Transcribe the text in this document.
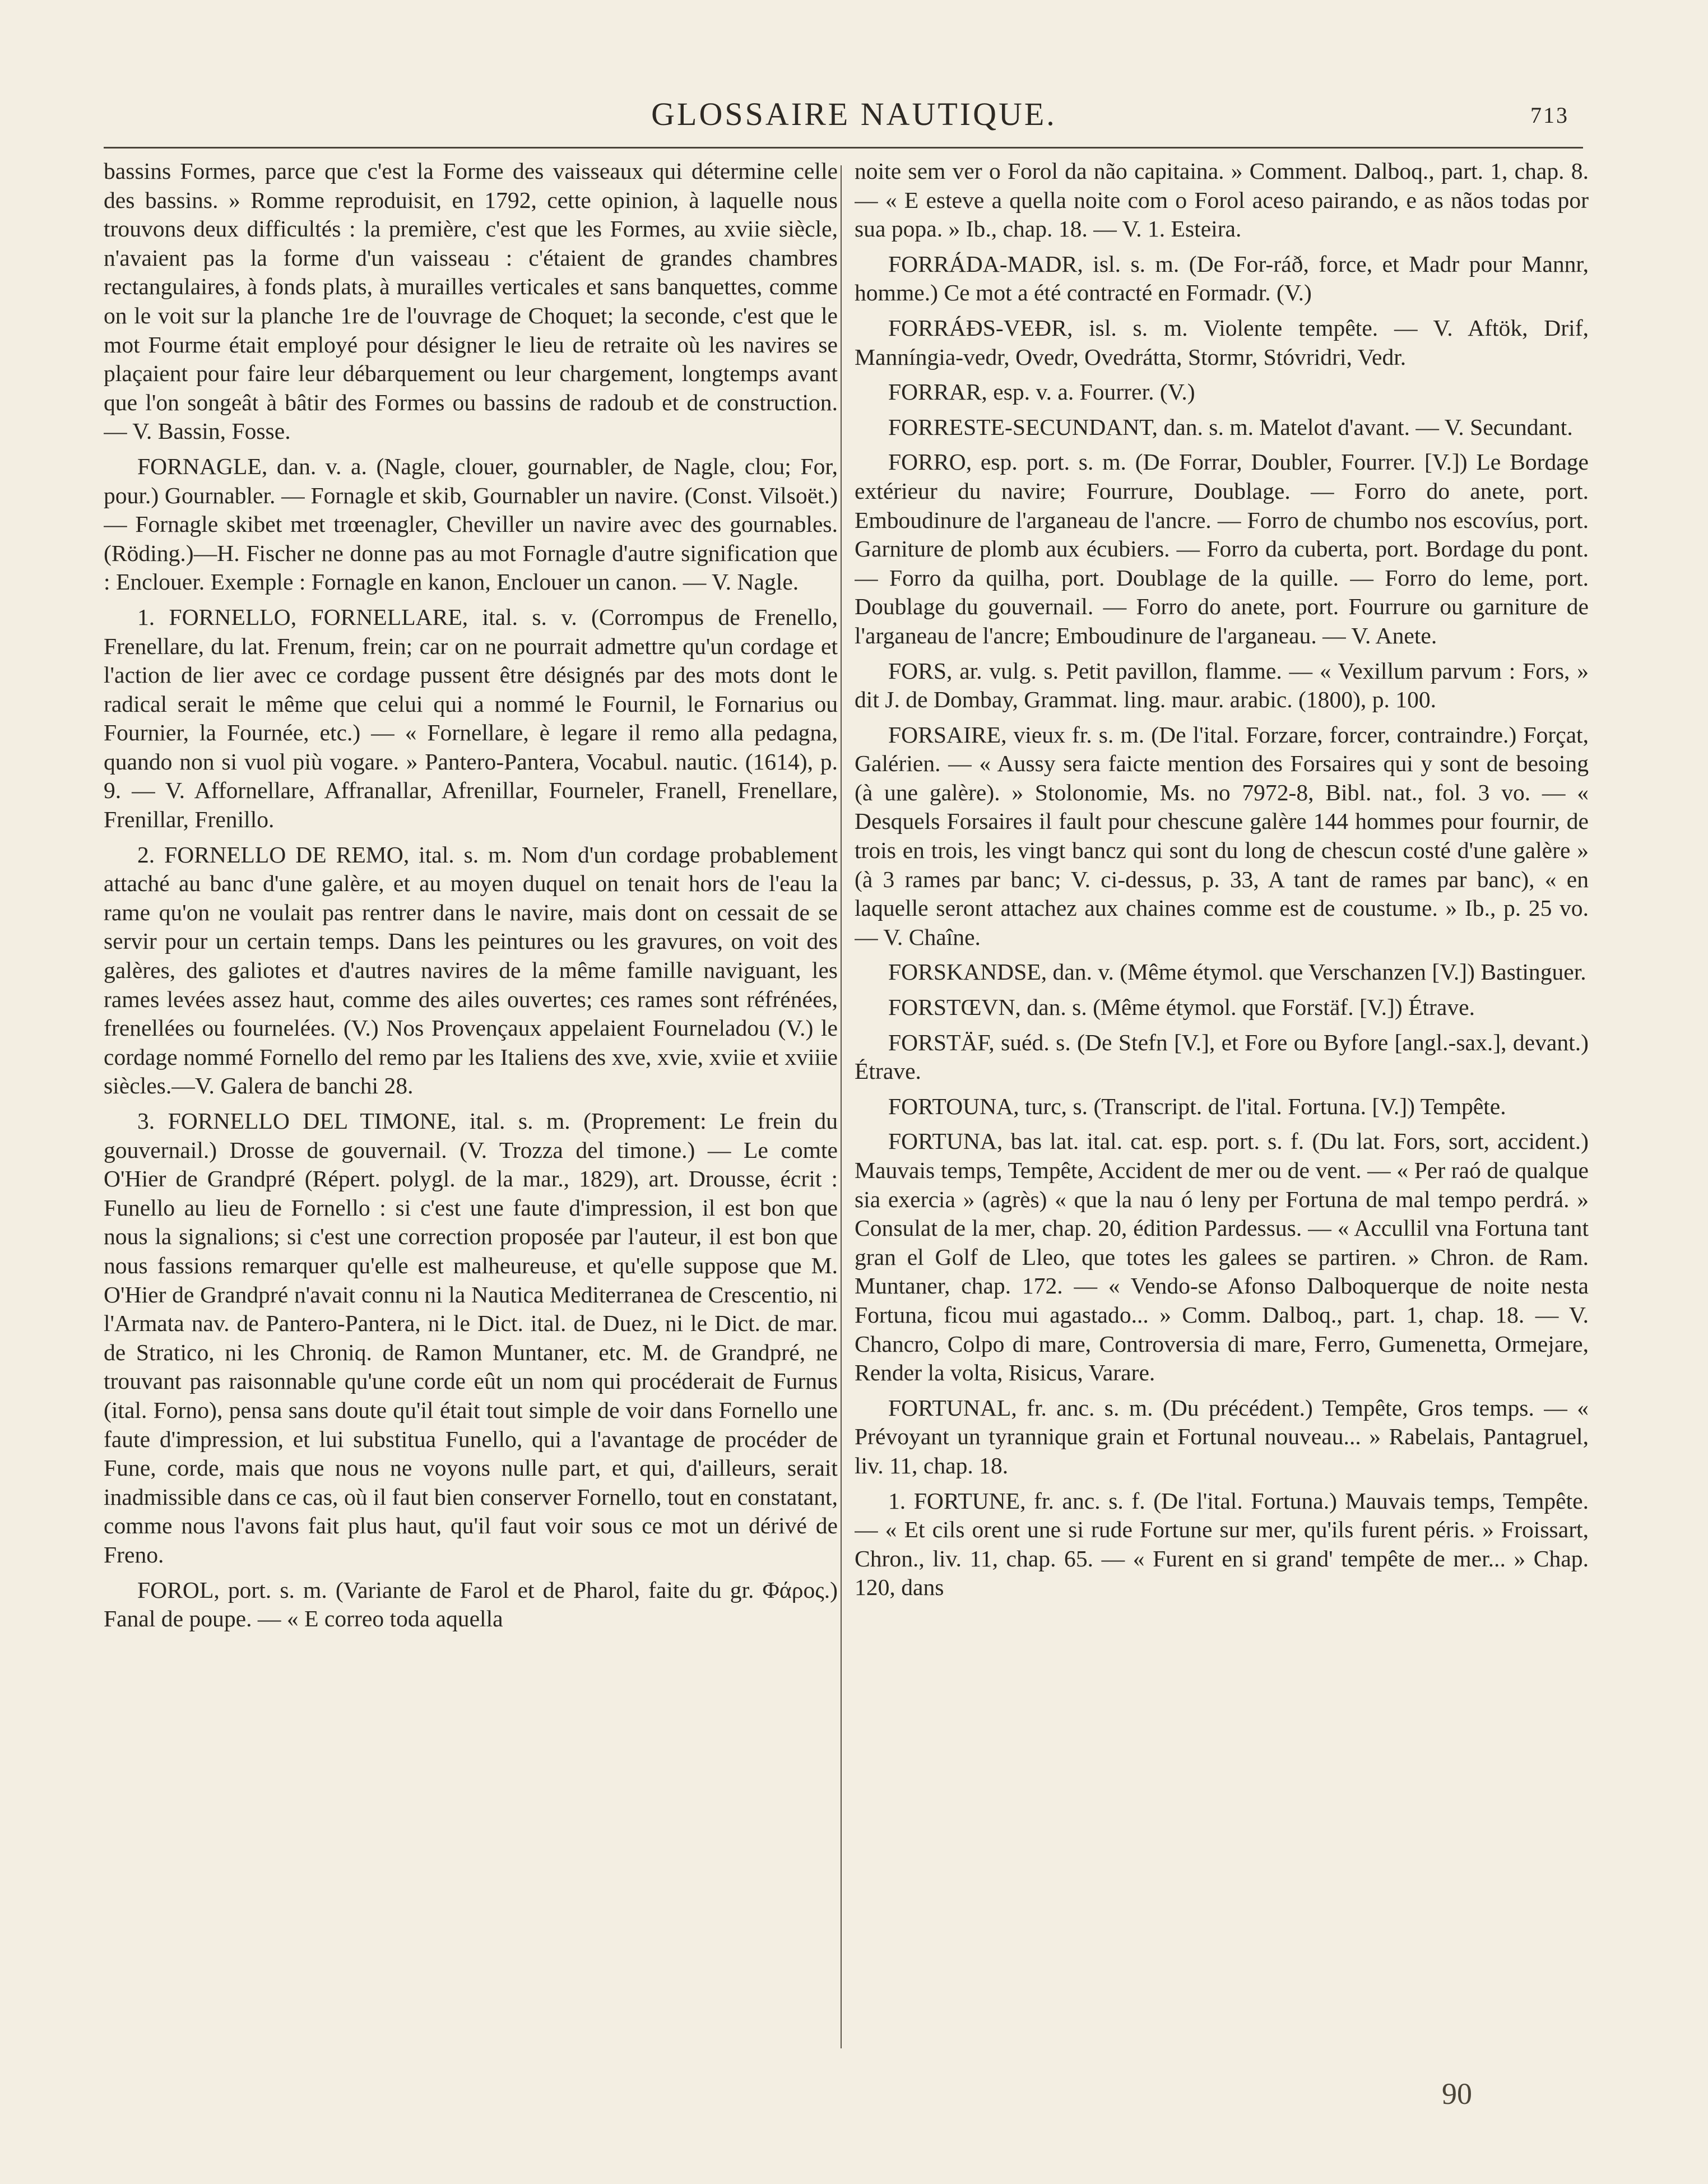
GLOSSAIRE NAUTIQUE.	713

bassins Formes, parce que c'est la Forme des vaisseaux qui détermine celle des bassins. » Romme reproduisit, en 1792, cette opinion, à laquelle nous trouvons deux difficultés : la première, c'est que les Formes, au xviie siècle, n'avaient pas la forme d'un vaisseau : c'étaient de grandes chambres rectangulaires, à fonds plats, à murailles verticales et sans banquettes, comme on le voit sur la planche 1re de l'ouvrage de Choquet; la seconde, c'est que le mot Fourme était employé pour désigner le lieu de retraite où les navires se plaçaient pour faire leur débarquement ou leur chargement, longtemps avant que l'on songeât à bâtir des Formes ou bassins de radoub et de construction. — V. Bassin, Fosse.

FORNAGLE, dan. v. a. (Nagle, clouer, gournabler, de Nagle, clou; For, pour.) Gournabler. — Fornagle et skib, Gournabler un navire. (Const. Vilsoët.) — Fornagle skibet met trœenagler, Cheviller un navire avec des gournables. (Röding.)—H. Fischer ne donne pas au mot Fornagle d'autre signification que : Enclouer. Exemple : Fornagle en kanon, Enclouer un canon. — V. Nagle.

1. FORNELLO, FORNELLARE, ital. s. v. (Corrompus de Frenello, Frenellare, du lat. Frenum, frein; car on ne pourrait admettre qu'un cordage et l'action de lier avec ce cordage pussent être désignés par des mots dont le radical serait le même que celui qui a nommé le Fournil, le Fornarius ou Fournier, la Fournée, etc.) — « Fornellare, è legare il remo alla pedagna, quando non si vuol più vogare. » Pantero-Pantera, Vocabul. nautic. (1614), p. 9. — V. Affornellare, Affranallar, Afrenillar, Fourneler, Franell, Frenellare, Frenillar, Frenillo.

2. FORNELLO DE REMO, ital. s. m. Nom d'un cordage probablement attaché au banc d'une galère, et au moyen duquel on tenait hors de l'eau la rame qu'on ne voulait pas rentrer dans le navire, mais dont on cessait de se servir pour un certain temps. Dans les peintures ou les gravures, on voit des galères, des galiotes et d'autres navires de la même famille naviguant, les rames levées assez haut, comme des ailes ouvertes; ces rames sont réfrénées, frenellées ou fournelées. (V.) Nos Provençaux appelaient Fourneladou (V.) le cordage nommé Fornello del remo par les Italiens des xve, xvie, xviie et xviiie siècles.—V. Galera de banchi 28.

3. FORNELLO DEL TIMONE, ital. s. m. (Proprement: Le frein du gouvernail.) Drosse de gouvernail. (V. Trozza del timone.) — Le comte O'Hier de Grandpré (Répert. polygl. de la mar., 1829), art. Drousse, écrit : Funello au lieu de Fornello : si c'est une faute d'impression, il est bon que nous la signalions; si c'est une correction proposée par l'auteur, il est bon que nous fassions remarquer qu'elle est malheureuse, et qu'elle suppose que M. O'Hier de Grandpré n'avait connu ni la Nautica Mediterranea de Crescentio, ni l'Armata nav. de Pantero-Pantera, ni le Dict. ital. de Duez, ni le Dict. de mar. de Stratico, ni les Chroniq. de Ramon Muntaner, etc. M. de Grandpré, ne trouvant pas raisonnable qu'une corde eût un nom qui procéderait de Furnus (ital. Forno), pensa sans doute qu'il était tout simple de voir dans Fornello une faute d'impression, et lui substitua Funello, qui a l'avantage de procéder de Fune, corde, mais que nous ne voyons nulle part, et qui, d'ailleurs, serait inadmissible dans ce cas, où il faut bien conserver Fornello, tout en constatant, comme nous l'avons fait plus haut, qu'il faut voir sous ce mot un dérivé de Freno.

FOROL, port. s. m. (Variante de Farol et de Pharol, faite du gr. Φάρος.) Fanal de poupe. — « E correo toda aquella

noite sem ver o Forol da não capitaina. » Comment. Dalboq., part. 1, chap. 8. — « E esteve a quella noite com o Forol aceso pairando, e as nãos todas por sua popa. » Ib., chap. 18. — V. 1. Esteira.

FORRÁDA-MADR, isl. s. m. (De For-ráð, force, et Madr pour Mannr, homme.) Ce mot a été contracté en Formadr. (V.)

FORRÁÐS-VEÐR, isl. s. m. Violente tempête. — V. Aftök, Drif, Manníngia-vedr, Ovedr, Ovedrátta, Stormr, Stóvridri, Vedr.

FORRAR, esp. v. a. Fourrer. (V.)

FORRESTE-SECUNDANT, dan. s. m. Matelot d'avant. — V. Secundant.

FORRO, esp. port. s. m. (De Forrar, Doubler, Fourrer. [V.]) Le Bordage extérieur du navire; Fourrure, Doublage. — Forro do anete, port. Emboudinure de l'arganeau de l'ancre. — Forro de chumbo nos escovíus, port. Garniture de plomb aux écubiers. — Forro da cuberta, port. Bordage du pont. — Forro da quilha, port. Doublage de la quille. — Forro do leme, port. Doublage du gouvernail. — Forro do anete, port. Fourrure ou garniture de l'arganeau de l'ancre; Emboudinure de l'arganeau. — V. Anete.

FORS, ar. vulg. s. Petit pavillon, flamme. — « Vexillum parvum : Fors, » dit J. de Dombay, Grammat. ling. maur. arabic. (1800), p. 100.

FORSAIRE, vieux fr. s. m. (De l'ital. Forzare, forcer, contraindre.) Forçat, Galérien. — « Aussy sera faicte mention des Forsaires qui y sont de besoing (à une galère). » Stolonomie, Ms. no 7972-8, Bibl. nat., fol. 3 vo. — « Desquels Forsaires il fault pour chescune galère 144 hommes pour fournir, de trois en trois, les vingt bancz qui sont du long de chescun costé d'une galère » (à 3 rames par banc; V. ci-dessus, p. 33, A tant de rames par banc), « en laquelle seront attachez aux chaines comme est de coustume. » Ib., p. 25 vo. — V. Chaîne.

FORSKANDSE, dan. v. (Même étymol. que Verschanzen [V.]) Bastinguer.

FORSTŒVN, dan. s. (Même étymol. que Forstäf. [V.]) Étrave.

FORSTÄF, suéd. s. (De Stefn [V.], et Fore ou Byfore [angl.-sax.], devant.) Étrave.

FORTOUNA, turc, s. (Transcript. de l'ital. Fortuna. [V.]) Tempête.

FORTUNA, bas lat. ital. cat. esp. port. s. f. (Du lat. Fors, sort, accident.) Mauvais temps, Tempête, Accident de mer ou de vent. — « Per raó de qualque sia exercia » (agrès) « que la nau ó leny per Fortuna de mal tempo perdrá. » Consulat de la mer, chap. 20, édition Pardessus. — « Accullil vna Fortuna tant gran el Golf de Lleo, que totes les galees se partiren. » Chron. de Ram. Muntaner, chap. 172. — « Vendo-se Afonso Dalboquerque de noite nesta Fortuna, ficou mui agastado... » Comm. Dalboq., part. 1, chap. 18. — V. Chancro, Colpo di mare, Controversia di mare, Ferro, Gumenetta, Ormejare, Render la volta, Risicus, Varare.

FORTUNAL, fr. anc. s. m. (Du précédent.) Tempête, Gros temps. — « Prévoyant un tyrannique grain et Fortunal nouveau... » Rabelais, Pantagruel, liv. 11, chap. 18.

1. FORTUNE, fr. anc. s. f. (De l'ital. Fortuna.) Mauvais temps, Tempête. — « Et cils orent une si rude Fortune sur mer, qu'ils furent péris. » Froissart, Chron., liv. 11, chap. 65. — « Furent en si grand' tempête de mer... » Chap. 120, dans

90
